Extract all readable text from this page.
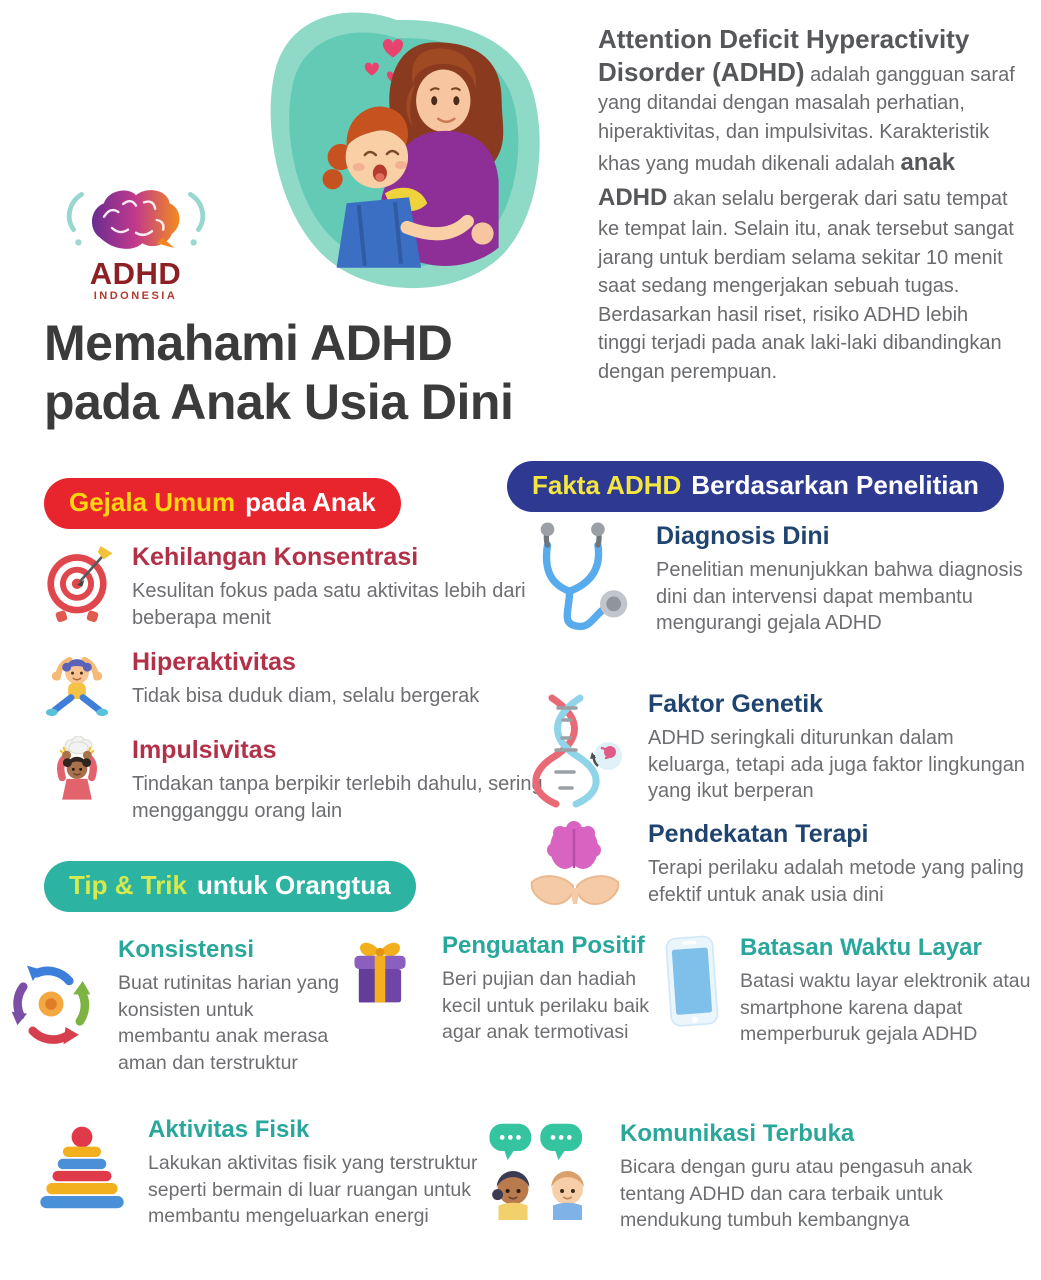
ADHD
INDONESIA
Attention Deficit Hyperactivity Disorder (ADHD) adalah gangguan saraf yang ditandai dengan masalah perhatian, hiperaktivitas, dan impulsivitas. Karakteristik khas yang mudah dikenali adalah anak ADHD akan selalu bergerak dari satu tempat ke tempat lain. Selain itu, anak tersebut sangat jarang untuk berdiam selama sekitar 10 menit saat sedang mengerjakan sebuah tugas. Berdasarkan hasil riset, risiko ADHD lebih tinggi terjadi pada anak laki-laki dibandingkan dengan perempuan.
Memahami ADHD
pada Anak Usia Dini
Gejala Umum pada Anak
Fakta ADHD Berdasarkan Penelitian
Tip & Trik untuk Orangtua
Kehilangan Konsentrasi

Kesulitan fokus pada satu aktivitas lebih dari beberapa menit

Hiperaktivitas

Tidak bisa duduk diam, selalu bergerak

Impulsivitas

Tindakan tanpa berpikir terlebih dahulu, sering mengganggu orang lain

Diagnosis Dini

Penelitian menunjukkan bahwa diagnosis dini dan intervensi dapat membantu mengurangi gejala ADHD

Faktor Genetik

ADHD seringkali diturunkan dalam keluarga, tetapi ada juga faktor lingkungan yang ikut berperan

Pendekatan Terapi

Terapi perilaku adalah metode yang paling efektif untuk anak usia dini

Konsistensi

Buat rutinitas harian yang konsisten untuk membantu anak merasa aman dan terstruktur

Penguatan Positif

Beri pujian dan hadiah kecil untuk perilaku baik agar anak termotivasi

Batasan Waktu Layar

Batasi waktu layar elektronik atau smartphone karena dapat memperburuk gejala ADHD

Aktivitas Fisik

Lakukan aktivitas fisik yang terstruktur seperti bermain di luar ruangan untuk membantu mengeluarkan energi

Komunikasi Terbuka

Bicara dengan guru atau pengasuh anak tentang ADHD dan cara terbaik untuk mendukung tumbuh kembangnya
